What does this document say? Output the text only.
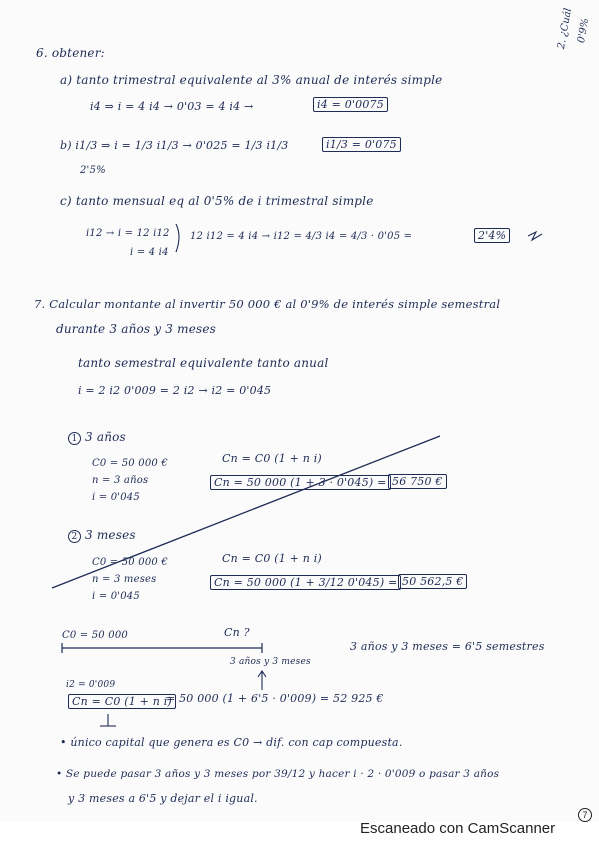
2. ¿Cuál 0'9%
6. obtener:
a) tanto trimestral equivalente al 3% anual de interés simple
i4 ⇒ i = 4 i4 → 0'03 = 4 i4 →	i4 = 0'0075
b) i1/3 ⇒ i = 1/3 i1/3 → 0'025 = 1/3 i1/3	i1/3 = 0'075
2'5%
c) tanto mensual eq al 0'5% de i trimestral simple
i12 → i = 12 i12
i = 4 i4
12 i12 = 4 i4 → i12 = 4/3 i4 = 4/3 · 0'05 =	2'4%
7. Calcular montante al invertir 50 000 € al 0'9% de interés simple semestral
durante 3 años y 3 meses
tanto semestral equivalente tanto anual
i = 2 i2 0'009 = 2 i2 → i2 = 0'045
1 3 años
C0 = 50 000 €
n = 3 años
i = 0'045
Cn = C0 (1 + n i)
Cn = 50 000 (1 + 3 · 0'045) = 56 750 €
2 3 meses
C0 = 50 000 €
n = 3 meses
i = 0'045
Cn = C0 (1 + n i)
Cn = 50 000 (1 + 3/12 0'045) = 50 562,5 €
C0 = 50 000	Cn ?
3 años y 3 meses
3 años y 3 meses = 6'5 semestres
i2 = 0'009
Cn = C0 (1 + n i)
= 50 000 (1 + 6'5 · 0'009) = 52 925 €
• único capital que genera es C0 → dif. con cap compuesta.
• Se puede pasar 3 años y 3 meses por 39/12 y hacer i · 2 · 0'009 o pasar 3 años
y 3 meses a 6'5 y dejar el i igual.
Escaneado con CamScanner
7
